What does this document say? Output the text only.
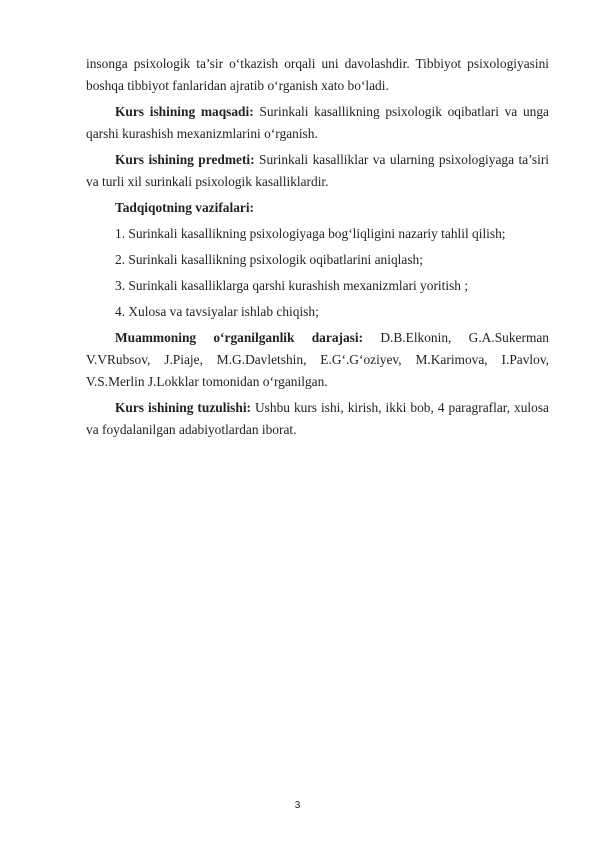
insonga psixologik ta’sir o‘tkazish orqali uni davolashdir. Tibbiyot psixologiyasini boshqa tibbiyot fanlaridan ajratib o‘rganish xato bo‘ladi.

Kurs ishining maqsadi: Surinkali kasallikning psixologik oqibatlari va unga qarshi kurashish mexanizmlarini o‘rganish.

Kurs ishining predmeti: Surinkali kasalliklar va ularning psixologiyaga ta’siri va turli xil surinkali psixologik kasalliklardir.

Tadqiqotning vazifalari:

1. Surinkali kasallikning psixologiyaga bog‘liqligini nazariy tahlil qilish;

2. Surinkali kasallikning psixologik oqibatlarini aniqlash;

3. Surinkali kasalliklarga qarshi kurashish mexanizmlari yoritish ;

4. Xulosa va tavsiyalar ishlab chiqish;

Muammoning o‘rganilganlik darajasi: D.B.Elkonin, G.A.Sukerman V.VRubsov, J.Piaje, M.G.Davletshin, E.G‘.G‘oziyev, M.Karimova, I.Pavlov, V.S.Merlin J.Lokklar tomonidan o‘rganilgan.

Kurs ishining tuzulishi: Ushbu kurs ishi, kirish, ikki bob, 4 paragraflar, xulosa va foydalanilgan adabiyotlardan iborat.

3
